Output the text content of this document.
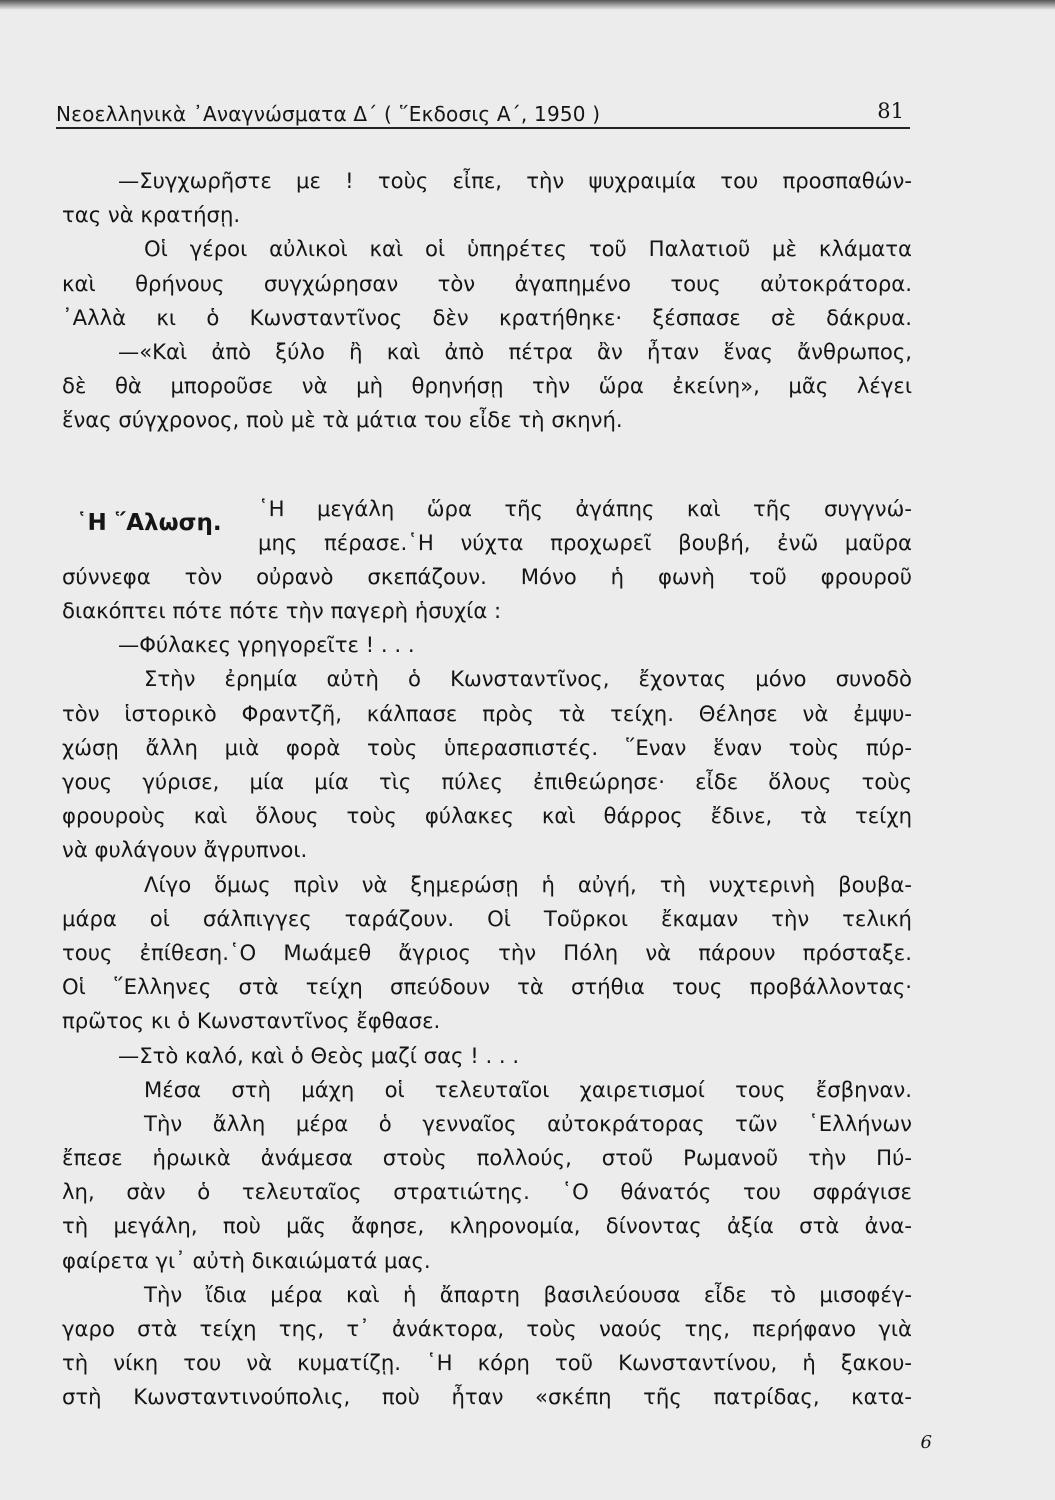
Νεοελληνικὰ ᾿Αναγνώσματα Δ΄ ( ῞Εκδοσις Α΄, 1950 )	81
—Συγχωρῆστε με ! τοὺς εἶπε, τὴν ψυχραιμία του προσπαθών-
τας νὰ κρατήσῃ.
Οἱ γέροι αὐλικοὶ καὶ οἱ ὑπηρέτες τοῦ Παλατιοῦ μὲ κλάματα
καὶ θρήνους συγχώρησαν τὸν ἀγαπημένο τους αὐτοκράτορα.
᾿Αλλὰ κι ὁ Κωνσταντῖνος δὲν κρατήθηκε· ξέσπασε σὲ δάκρυα.
—«Καὶ ἀπὸ ξύλο ἢ καὶ ἀπὸ πέτρα ἂν ἦταν ἕνας ἄνθρωπος,
δὲ θὰ μποροῦσε νὰ μὴ θρηνήσῃ τὴν ὥρα ἐκείνη», μᾶς λέγει
ἕνας σύγχρονος, ποὺ μὲ τὰ μάτια του εἶδε τὴ σκηνή.
῾Η ῞Αλωση.
῾Η μεγάλη ὥρα τῆς ἀγάπης καὶ τῆς συγγνώ-
μης πέρασε.῾Η νύχτα προχωρεῖ βουβή, ἐνῶ μαῦρα
σύννεφα τὸν οὐρανὸ σκεπάζουν. Μόνο ἡ φωνὴ τοῦ φρουροῦ
διακόπτει πότε πότε τὴν παγερὴ ἡσυχία :
—Φύλακες γρηγορεῖτε ! . . .
Στὴν ἐρημία αὐτὴ ὁ Κωνσταντῖνος, ἔχοντας μόνο συνοδὸ
τὸν ἱστορικὸ Φραντζῆ, κάλπασε πρὸς τὰ τείχη. Θέλησε νὰ ἐμψυ-
χώσῃ ἄλλη μιὰ φορὰ τοὺς ὑπερασπιστές. ῞Εναν ἕναν τοὺς πύρ-
γους γύρισε, μία μία τὶς πύλες ἐπιθεώρησε· εἶδε ὅλους τοὺς
φρουροὺς καὶ ὅλους τοὺς φύλακες καὶ θάρρος ἔδινε, τὰ τείχη
νὰ φυλάγουν ἄγρυπνοι.
Λίγο ὅμως πρὶν νὰ ξημερώσῃ ἡ αὐγή, τὴ νυχτερινὴ βουβα-
μάρα οἱ σάλπιγγες ταράζουν. Οἱ Τοῦρκοι ἔκαμαν τὴν τελική
τους ἐπίθεση.῾Ο Μωάμεθ ἄγριος τὴν Πόλη νὰ πάρουν πρόσταξε.
Οἱ ῞Ελληνες στὰ τείχη σπεύδουν τὰ στήθια τους προβάλλοντας·
πρῶτος κι ὁ Κωνσταντῖνος ἔφθασε.
—Στὸ καλό, καὶ ὁ Θεὸς μαζί σας ! . . .
Μέσα στὴ μάχη οἱ τελευταῖοι χαιρετισμοί τους ἔσβηναν.
Τὴν ἄλλη μέρα ὁ γενναῖος αὐτοκράτορας τῶν ῾Ελλήνων
ἔπεσε ἡρωικὰ ἀνάμεσα στοὺς πολλούς, στοῦ Ρωμανοῦ τὴν Πύ-
λη, σὰν ὁ τελευταῖος στρατιώτης. ῾Ο θάνατός του σφράγισε
τὴ μεγάλη, ποὺ μᾶς ἄφησε, κληρονομία, δίνοντας ἀξία στὰ ἀνα-
φαίρετα γι᾿ αὐτὴ δικαιώματά μας.
Τὴν ἴδια μέρα καὶ ἡ ἄπαρτη βασιλεύουσα εἶδε τὸ μισοφέγ-
γαρο στὰ τείχη της, τ᾿ ἀνάκτορα, τοὺς ναούς της, περήφανο γιὰ
τὴ νίκη του νὰ κυματίζῃ. ῾Η κόρη τοῦ Κωνσταντίνου, ἡ ξακου-
στὴ Κωνσταντινούπολις, ποὺ ἦταν «σκέπη τῆς πατρίδας, κατα-
6
